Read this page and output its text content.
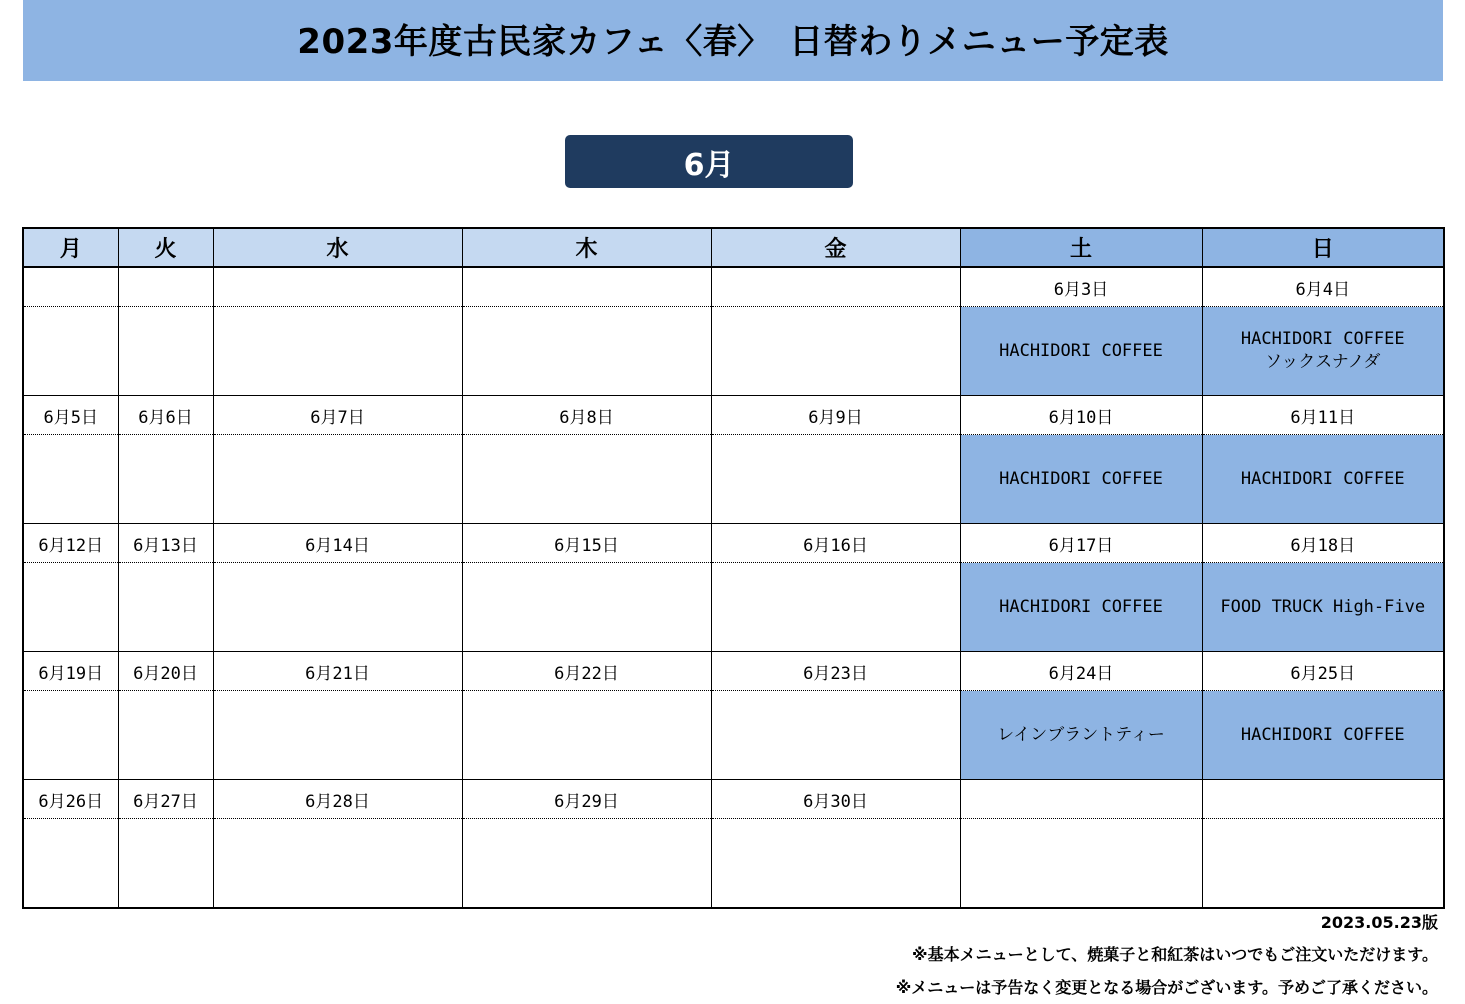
2023年度古民家カフェ〈春〉　日替わりメニュー予定表
6月
月	火	水	木	金	土	日
					6月3日	6月4日

					HACHIDORI COFFEE	HACHIDORI COFFEE
ソックスナノダ

6月5日	6月6日	6月7日	6月8日	6月9日	6月10日	6月11日

					HACHIDORI COFFEE	HACHIDORI COFFEE

6月12日	6月13日	6月14日	6月15日	6月16日	6月17日	6月18日

					HACHIDORI COFFEE	FOOD TRUCK High-Five

6月19日	6月20日	6月21日	6月22日	6月23日	6月24日	6月25日

					レインブラントティー	HACHIDORI COFFEE

6月26日	6月27日	6月28日	6月29日	6月30日		

2023.05.23版
※基本メニューとして、焼菓子と和紅茶はいつでもご注文いただけます。
※メニューは予告なく変更となる場合がございます。予めご了承ください。
